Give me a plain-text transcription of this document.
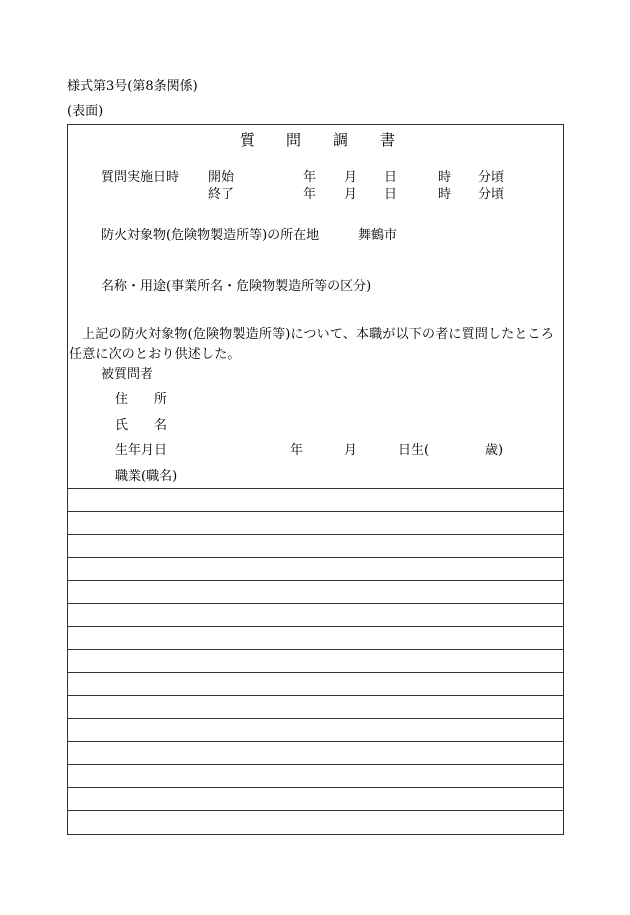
様式第3号(第8条関係)
(表面)
質 問 調 書
質問実施日時 開始	年 月 日	時 分頃
終了	年 月 日	時 分頃
防火対象物(危険物製造所等)の所在地	舞鶴市
名称・用途(事業所名・危険物製造所等の区分)
上記の防火対象物(危険物製造所等)について、本職が以下の者に質問したところ任意に次のとおり供述した。
被質問者
住　　所
氏　　名
生年月日	年	月	日生(	歳)
職業(職名)
